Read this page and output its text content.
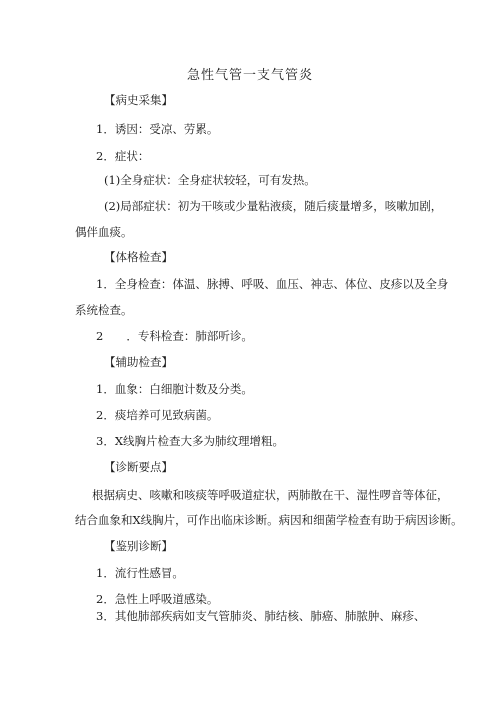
急性气管一支气管炎
【病史采集】
1．诱因：受凉、劳累。
2．症状：
(1)全身症状：全身症状较轻，可有发热。
(2)局部症状：初为干咳或少量粘液痰，随后痰量增多，咳嗽加剧，
偶伴血痰。
【体格检查】
1．全身检查：体温、脉搏、呼吸、血压、神志、体位、皮疹以及全身
系统检查。
2　　．专科检查：肺部听诊。
【辅助检查】
1．血象：白细胞计数及分类。
2．痰培养可见致病菌。
3．X线胸片检查大多为肺纹理增粗。
【诊断要点】
根据病史、咳嗽和咳痰等呼吸道症状，两肺散在干、湿性啰音等体征，
结合血象和X线胸片，可作出临床诊断。病因和细菌学检查有助于病因诊断。
【鉴别诊断】
1．流行性感冒。
2．急性上呼吸道感染。
3．其他肺部疾病如支气管肺炎、肺结核、肺癌、肺脓肿、麻疹、
